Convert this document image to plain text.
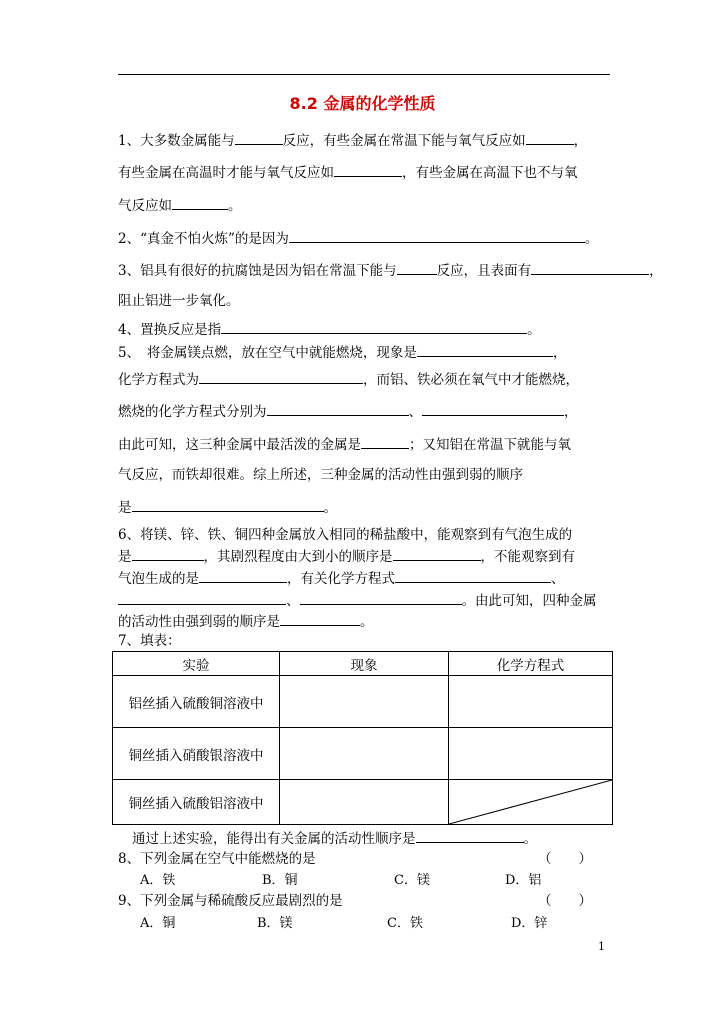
8.2 金属的化学性质
1、大多数金属能与	反应，有些金属在常温下能与氧气反应如	，
有些金属在高温时才能与氧气反应如	，有些金属在高温下也不与氧
气反应如	。
2、“真金不怕火炼”的是因为	。
3、铝具有很好的抗腐蚀是因为铝在常温下能与	反应，且表面有	，
阻止铝进一步氧化。
4、置换反应是指	。
5、　将金属镁点燃，放在空气中就能燃烧，现象是	，
化学方程式为	，而铝、铁必须在氧气中才能燃烧，
燃烧的化学方程式分别为	、	，
由此可知，这三种金属中最活泼的金属是	；又知铝在常温下就能与氧
气反应，而铁却很难。综上所述，三种金属的活动性由强到弱的顺序
是	。
6、将镁、锌、铁、铜四种金属放入相同的稀盐酸中，能观察到有气泡生成的
是	，其剧烈程度由大到小的顺序是	，不能观察到有
气泡生成的是	，有关化学方程式	、
、	。由此可知，四种金属
的活动性由强到弱的顺序是	。
7、填表：
实验	现象	化学方程式
铝丝插入硫酸铜溶液中		
铜丝插入硝酸银溶液中		
铜丝插入硫酸铝溶液中		
通过上述实验，能得出有关金属的活动性顺序是	。
8、下列金属在空气中能燃烧的是	（　　）
A．铁	B．铜	C．镁	D．铝
9、下列金属与稀硫酸反应最剧烈的是	（　　）
A．铜	B．镁	C．铁	D．锌
1
